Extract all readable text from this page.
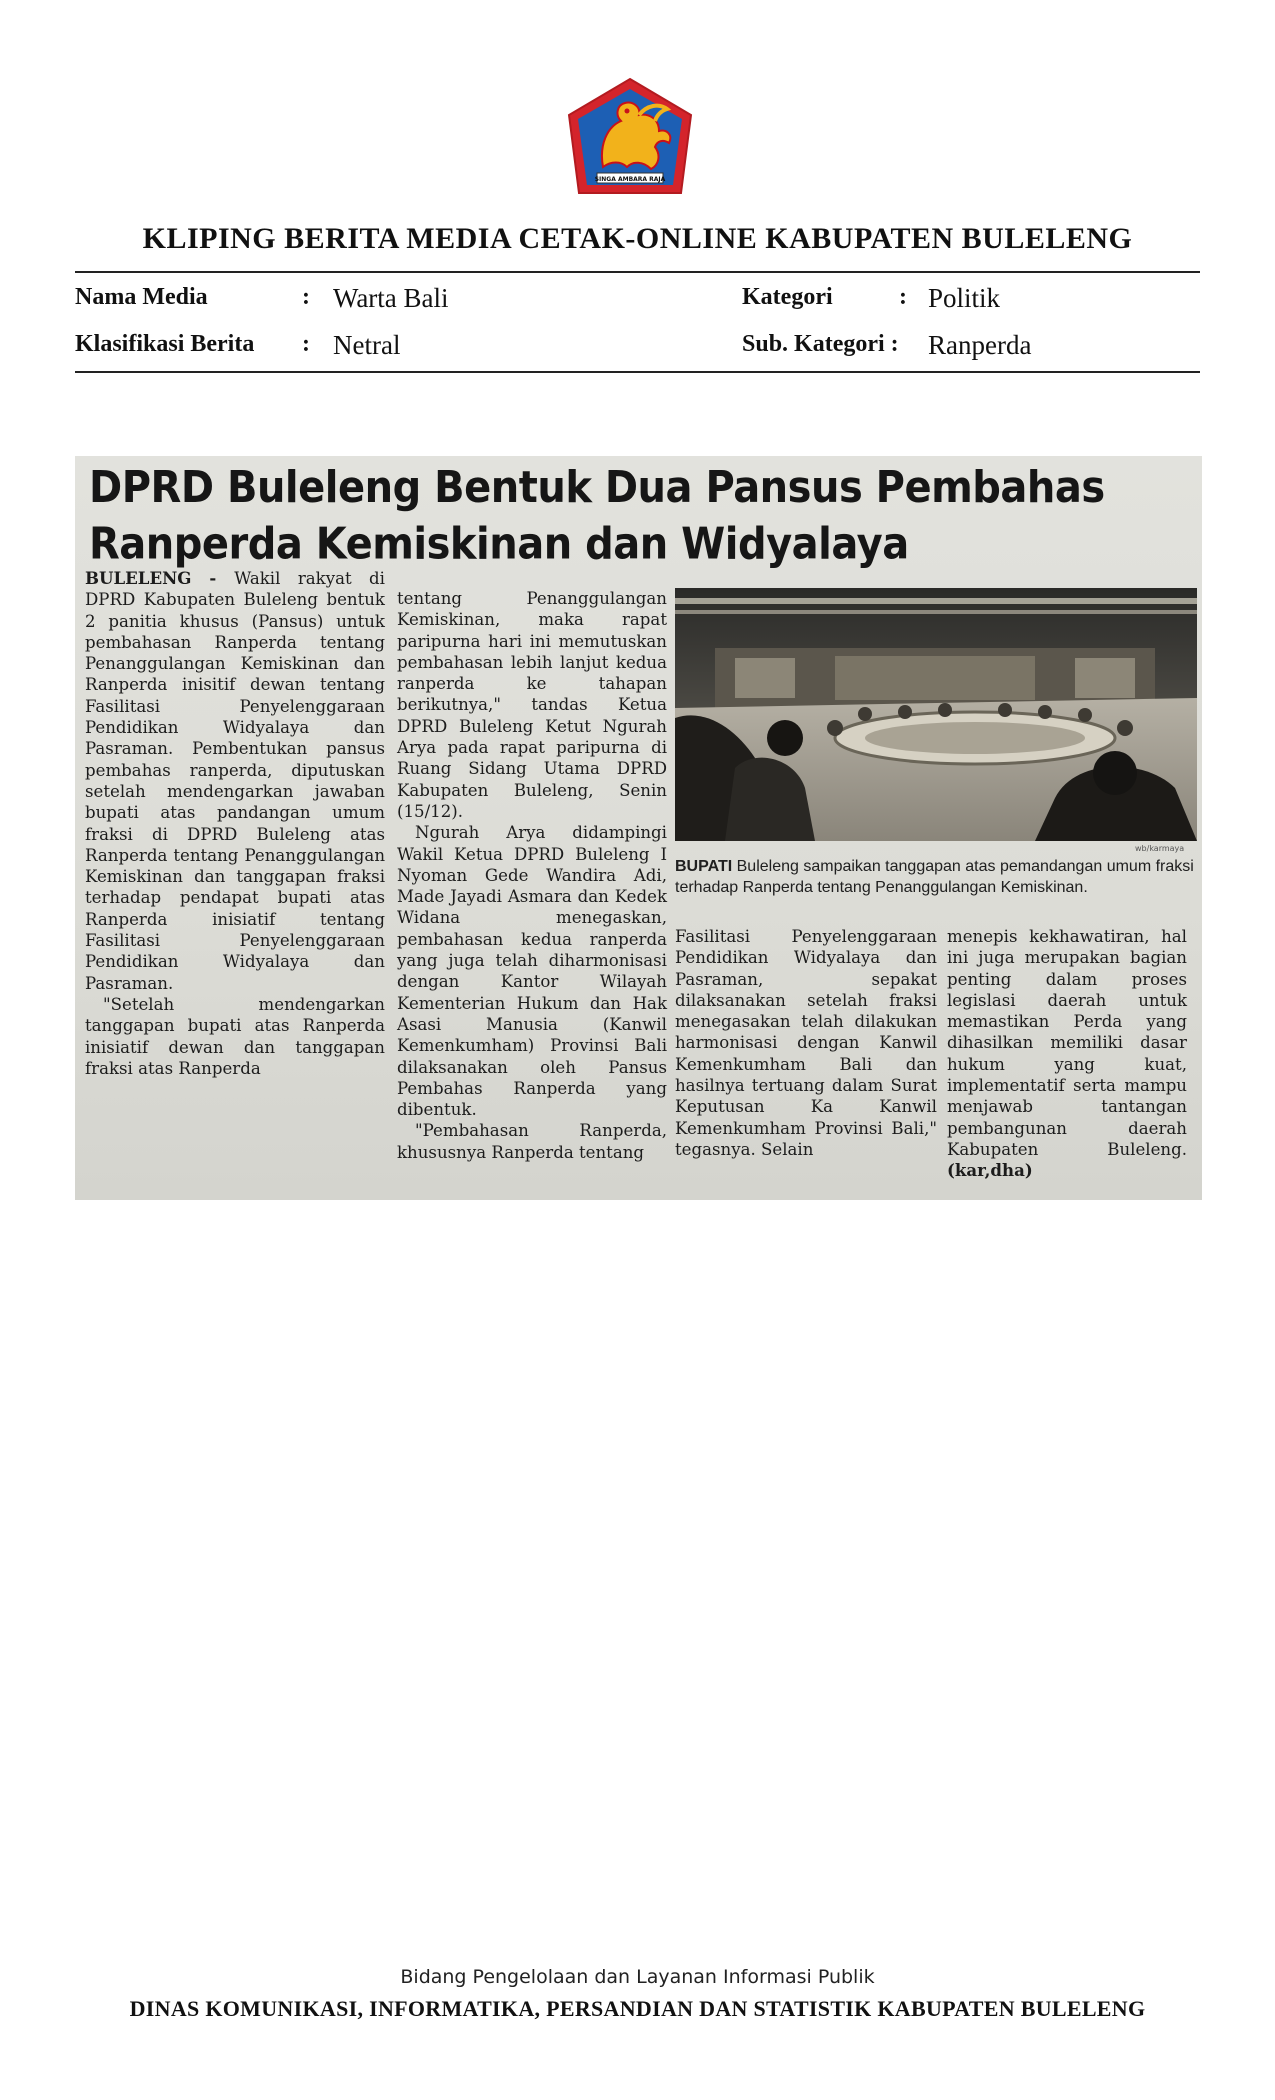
SINGA AMBARA RAJA
KLIPING BERITA MEDIA CETAK-ONLINE KABUPATEN BULELENG
Nama Media	: Warta Bali
Klasifikasi Berita : Netral
Kategori	: Politik
Sub. Kategori : Ranperda
DPRD Buleleng Bentuk Dua Pansus Pembahas Ranperda Kemiskinan dan Widyalaya

BULELENG - Wakil rakyat di DPRD Kabupaten Buleleng bentuk 2 panitia khusus (Pansus) untuk pembahasan Ranperda tentang Penanggulangan Kemiskinan dan Ranperda inisitif dewan tentang Fasilitasi Penyelenggaraan Pendidikan Widyalaya dan Pasraman. Pembentukan pansus pembahas ranperda, diputuskan setelah mendengarkan jawaban bupati atas pandangan umum fraksi di DPRD Buleleng atas Ranperda tentang Penanggulangan Kemiskinan dan tanggapan fraksi terhadap pendapat bupati atas Ranperda inisiatif tentang Fasilitasi Penyelenggaraan Pendidikan Widyalaya dan Pasraman.

"Setelah mendengarkan tanggapan bupati atas Ranperda inisiatif dewan dan tanggapan fraksi atas Ranperda

tentang Penanggulangan Kemiskinan, maka rapat paripurna hari ini memutuskan pembahasan lebih lanjut kedua ranperda ke tahapan berikutnya," tandas Ketua DPRD Buleleng Ketut Ngurah Arya pada rapat paripurna di Ruang Sidang Utama DPRD Kabupaten Buleleng, Senin (15/12).

Ngurah Arya didampingi Wakil Ketua DPRD Buleleng I Nyoman Gede Wandira Adi, Made Jayadi Asmara dan Kedek Widana menegaskan, pembahasan kedua ranperda yang juga telah diharmonisasi dengan Kantor Wilayah Kementerian Hukum dan Hak Asasi Manusia (Kanwil Kemenkumham) Provinsi Bali dilaksanakan oleh Pansus Pembahas Ranperda yang dibentuk.

"Pembahasan Ranperda, khususnya Ranperda tentang

wb/karmaya
BUPATI Buleleng sampaikan tanggapan atas pemandangan umum fraksi terhadap Ranperda tentang Penanggulangan Kemiskinan.
Fasilitasi Penyelenggaraan Pendidikan Widyalaya dan Pasraman, sepakat dilaksanakan setelah fraksi menegasakan telah dilakukan harmonisasi dengan Kanwil Kemenkumham Bali dan hasilnya tertuang dalam Surat Keputusan Ka Kanwil Kemenkumham Provinsi Bali," tegasnya. Selain
menepis kekhawatiran, hal ini juga merupakan bagian penting dalam proses legislasi daerah untuk memastikan Perda yang dihasilkan memiliki dasar hukum yang kuat, implementatif serta mampu menjawab tantangan pembangunan daerah Kabupaten Buleleng. (kar,dha)
Bidang Pengelolaan dan Layanan Informasi Publik
DINAS KOMUNIKASI, INFORMATIKA, PERSANDIAN DAN STATISTIK KABUPATEN BULELENG
